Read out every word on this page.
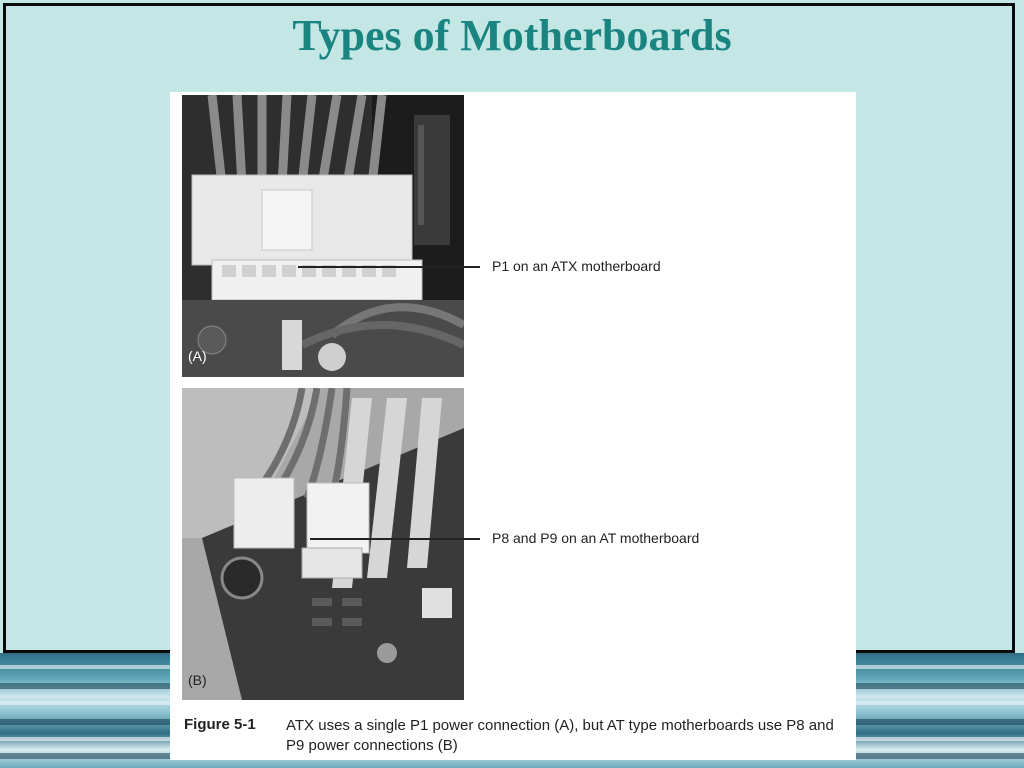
Types of Motherboards
(A)
P1 on an ATX motherboard
(B)
P8 and P9 on an AT motherboard
Figure 5-1 ATX uses a single P1 power connection (A), but AT type motherboards use P8 and P9 power connections (B)
